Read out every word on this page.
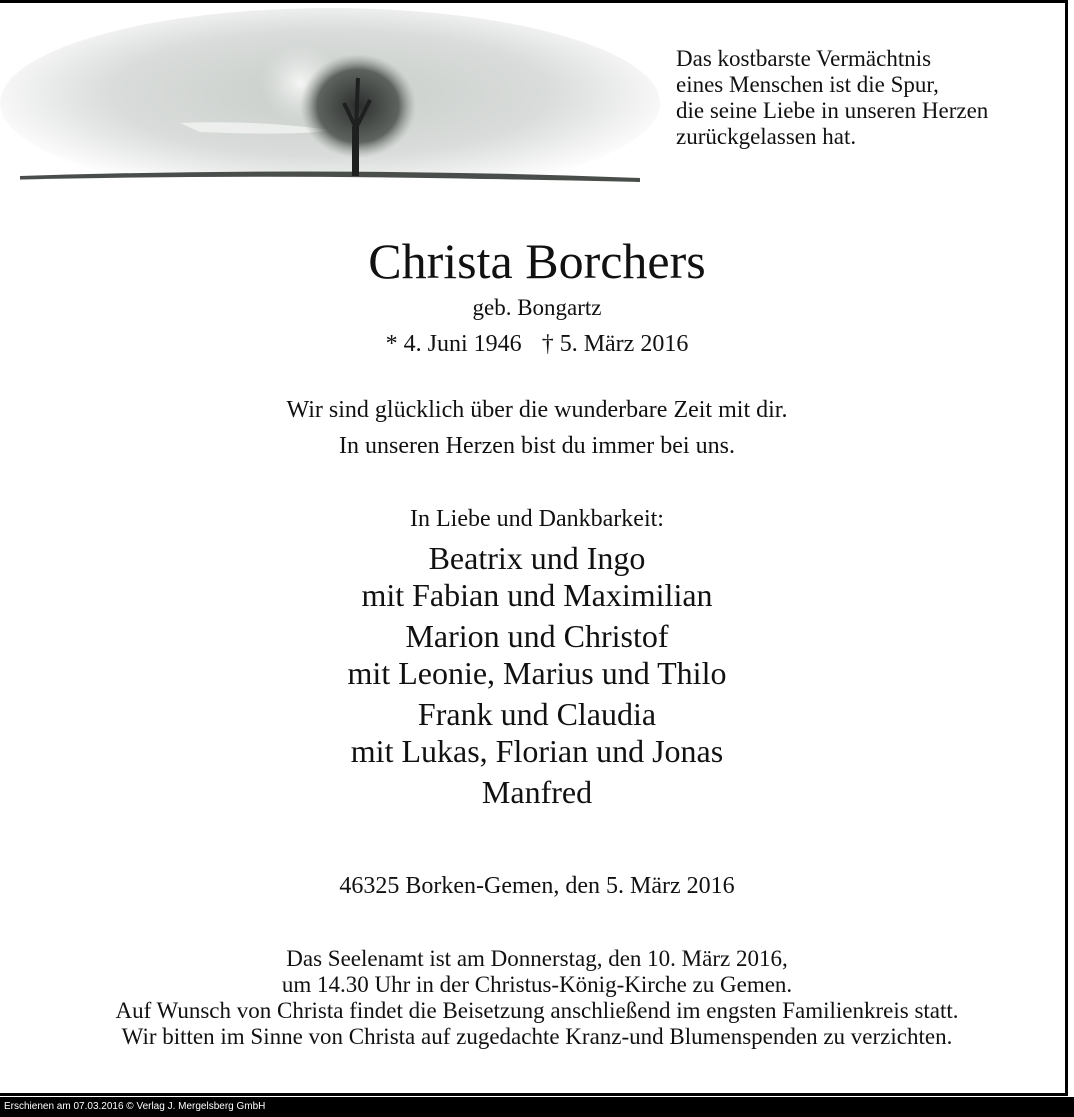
Das kostbarste Vermächtnis
eines Menschen ist die Spur,
die seine Liebe in unseren Herzen
zurückgelassen hat.
Christa Borchers
geb. Bongartz
* 4. Juni 1946 † 5. März 2016
Wir sind glücklich über die wunderbare Zeit mit dir.
In unseren Herzen bist du immer bei uns.
In Liebe und Dankbarkeit:
Beatrix und Ingo
mit Fabian und Maximilian
Marion und Christof
mit Leonie, Marius und Thilo
Frank und Claudia
mit Lukas, Florian und Jonas
Manfred
46325 Borken-Gemen, den 5. März 2016
Das Seelenamt ist am Donnerstag, den 10. März 2016,
um 14.30 Uhr in der Christus-König-Kirche zu Gemen.
Auf Wunsch von Christa findet die Beisetzung anschließend im engsten Familienkreis statt.
Wir bitten im Sinne von Christa auf zugedachte Kranz-und Blumenspenden zu verzichten.
Erschienen am 07.03.2016 © Verlag J. Mergelsberg GmbH
